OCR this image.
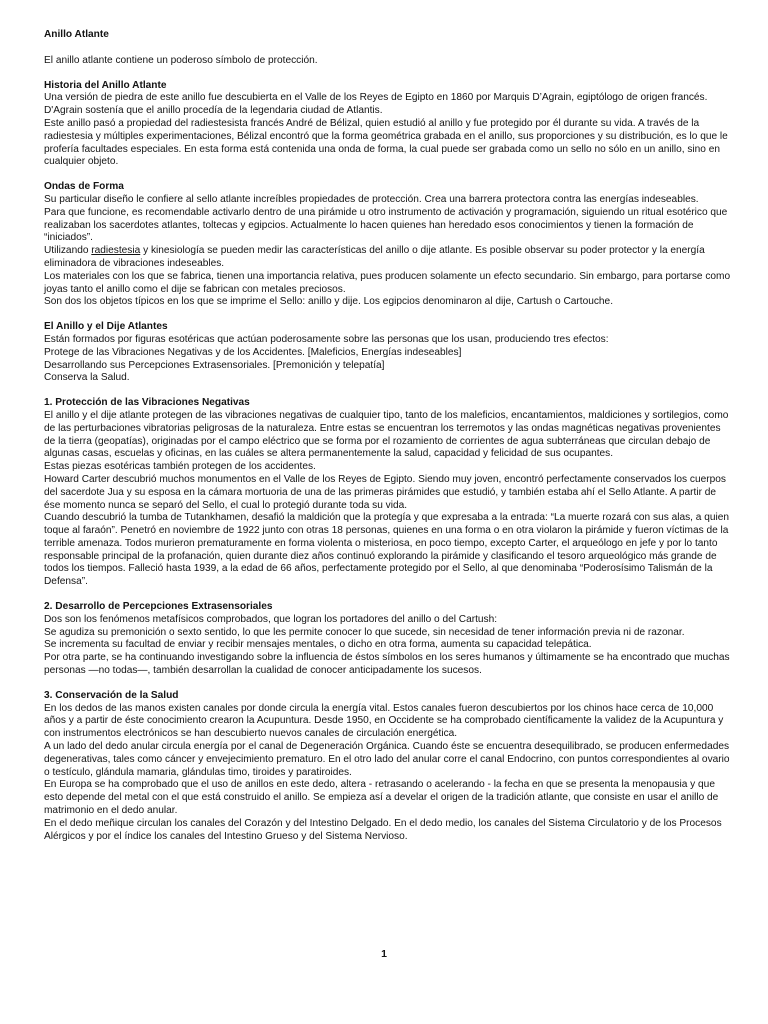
Anillo Atlante

El anillo atlante contiene un poderoso símbolo de protección.

Historia del Anillo Atlante

Una versión de piedra de este anillo fue descubierta en el Valle de los Reyes de Egipto en 1860 por Marquis D’Agrain, egiptólogo de origen francés. D'Agrain sostenía que el anillo procedía de la legendaria ciudad de Atlantis.

Este anillo pasó a propiedad del radiestesista francés André de Bélizal, quien estudió al anillo y fue protegido por él durante su vida. A través de la radiestesia y múltiples experimentaciones, Bélizal encontró que la forma geométrica grabada en el anillo, sus proporciones y su distribución, es lo que le profería facultades especiales. En esta forma está contenida una onda de forma, la cual puede ser grabada como un sello no sólo en un anillo, sino en cualquier objeto.

Ondas de Forma

Su particular diseño le confiere al sello atlante increíbles propiedades de protección. Crea una barrera protectora contra las energías indeseables.

Para que funcione, es recomendable activarlo dentro de una pirámide u otro instrumento de activación y programación, siguiendo un ritual esotérico que realizaban los sacerdotes atlantes, toltecas y egipcios. Actualmente lo hacen quienes han heredado esos conocimientos y tienen la formación de “iniciados”.

Utilizando radiestesia y kinesiología se pueden medir las características del anillo o dije atlante. Es posible observar su poder protector y la energía eliminadora de vibraciones indeseables.

Los materiales con los que se fabrica, tienen una importancia relativa, pues producen solamente un efecto secundario. Sin embargo, para portarse como joyas tanto el anillo como el dije se fabrican con metales preciosos.

Son dos los objetos típicos en los que se imprime el Sello: anillo y dije. Los egipcios denominaron al dije, Cartush o Cartouche.

El Anillo y el Dije Atlantes

Están formados por figuras esotéricas que actúan poderosamente sobre las personas que los usan, produciendo tres efectos:

Protege de las Vibraciones Negativas y de los Accidentes. [Maleficios, Energías indeseables]

Desarrollando sus Percepciones Extrasensoriales. [Premonición y telepatía]

Conserva la Salud.

1. Protección de las Vibraciones Negativas

El anillo y el dije atlante protegen de las vibraciones negativas de cualquier tipo, tanto de los maleficios, encantamientos, maldiciones y sortilegios, como de las perturbaciones vibratorias peligrosas de la naturaleza. Entre estas se encuentran los terremotos y las ondas magnéticas negativas provenientes de la tierra (geopatías), originadas por el campo eléctrico que se forma por el rozamiento de corrientes de agua subterráneas que circulan debajo de algunas casas, escuelas y oficinas, en las cuáles se altera permanentemente la salud, capacidad y felicidad de sus ocupantes.

Estas piezas esotéricas también protegen de los accidentes.

Howard Carter descubrió muchos monumentos en el Valle de los Reyes de Egipto. Siendo muy joven, encontró perfectamente conservados los cuerpos del sacerdote Jua y su esposa en la cámara mortuoria de una de las primeras pirámides que estudió, y también estaba ahí el Sello Atlante. A partir de ése momento nunca se separó del Sello, el cual lo protegió durante toda su vida.

Cuando descubrió la tumba de Tutankhamen, desafió la maldición que la protegía y que expresaba a la entrada: “La muerte rozará con sus alas, a quien toque al faraón”. Penetró en noviembre de 1922 junto con otras 18 personas, quienes en una forma o en otra violaron la pirámide y fueron víctimas de la terrible amenaza. Todos murieron prematuramente en forma violenta o misteriosa, en poco tiempo, excepto Carter, el arqueólogo en jefe y por lo tanto responsable principal de la profanación, quien durante diez años continuó explorando la pirámide y clasificando el tesoro arqueológico más grande de todos los tiempos. Falleció hasta 1939, a la edad de 66 años, perfectamente protegido por el Sello, al que denominaba “Poderosísimo Talismán de la Defensa”.

2. Desarrollo de Percepciones Extrasensoriales

Dos son los fenómenos metafísicos comprobados, que logran los portadores del anillo o del Cartush:

Se agudiza su premonición o sexto sentido, lo que les permite conocer lo que sucede, sin necesidad de tener información previa ni de razonar.

Se incrementa su facultad de enviar y recibir mensajes mentales, o dicho en otra forma, aumenta su capacidad telepática.

Por otra parte, se ha continuando investigando sobre la influencia de éstos símbolos en los seres humanos y últimamente se ha encontrado que muchas personas —no todas—, también desarrollan la cualidad de conocer anticipadamente los sucesos.

3. Conservación de la Salud

En los dedos de las manos existen canales por donde circula la energía vital. Estos canales fueron descubiertos por los chinos hace cerca de 10,000 años y a partir de éste conocimiento crearon la Acupuntura. Desde 1950, en Occidente se ha comprobado científicamente la validez de la Acupuntura y con instrumentos electrónicos se han descubierto nuevos canales de circulación energética.

A un lado del dedo anular circula energía por el canal de Degeneración Orgánica. Cuando éste se encuentra desequilibrado, se producen enfermedades degenerativas, tales como cáncer y envejecimiento prematuro. En el otro lado del anular corre el canal Endocrino, con puntos correspondientes al ovario o testículo, glándula mamaria, glándulas timo, tiroides y paratiroides.

En Europa se ha comprobado que el uso de anillos en este dedo, altera - retrasando o acelerando - la fecha en que se presenta la menopausia y que esto depende del metal con el que está construido el anillo. Se empieza así a develar el origen de la tradición atlante, que consiste en usar el anillo de matrimonio en el dedo anular.

En el dedo meñique circulan los canales del Corazón y del Intestino Delgado. En el dedo medio, los canales del Sistema Circulatorio y de los Procesos Alérgicos y por el índice los canales del Intestino Grueso y del Sistema Nervioso.

1
